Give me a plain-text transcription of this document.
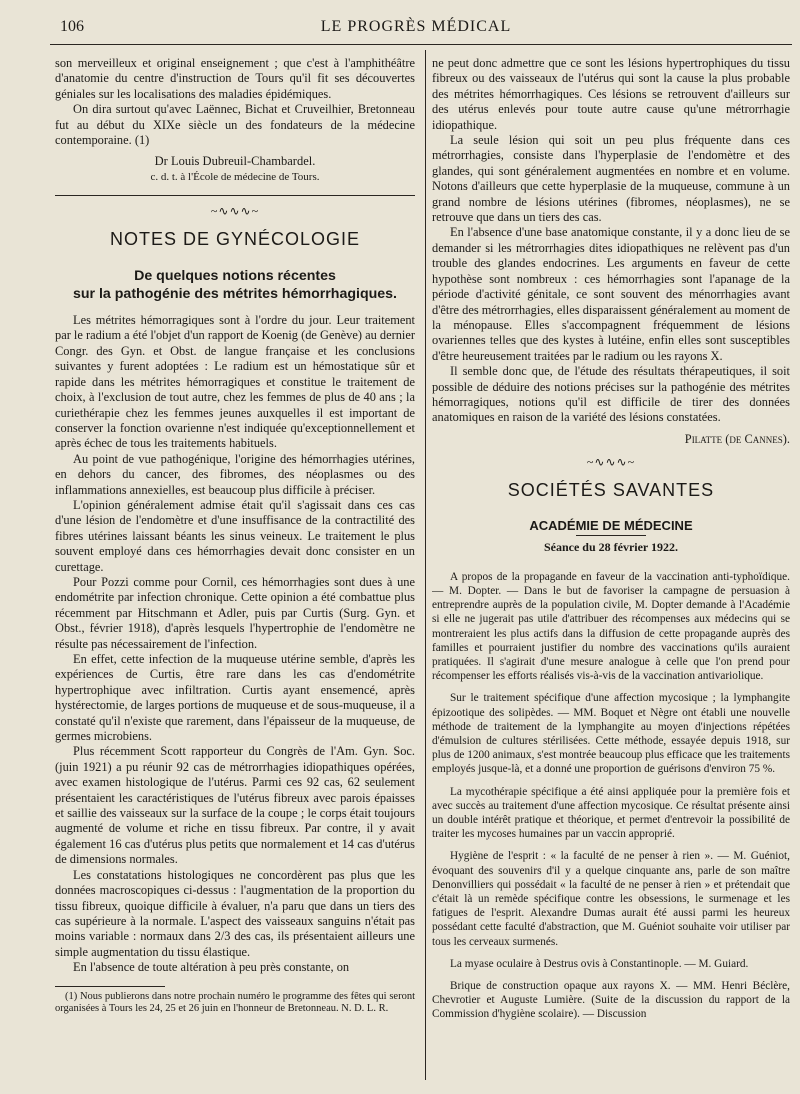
106	LE PROGRÈS MÉDICAL

son merveilleux et original enseignement ; que c'est à l'amphithéâtre d'anatomie du centre d'instruction de Tours qu'il fit ses découvertes géniales sur les localisations des maladies épidémiques.

On dira surtout qu'avec Laënnec, Bichat et Cruveilhier, Bretonneau fut au début du XIXe siècle un des fondateurs de la médecine contemporaine. (1)

Dr Louis Dubreuil-Chambardel.

c. d. t. à l'École de médecine de Tours.

~∿∿∿~

NOTES DE GYNÉCOLOGIE

De quelques notions récentes
sur la pathogénie des métrites hémorrhagiques.

Les métrites hémorragiques sont à l'ordre du jour. Leur traitement par le radium a été l'objet d'un rapport de Koenig (de Genève) au dernier Congr. des Gyn. et Obst. de langue française et les conclusions suivantes y furent adoptées : Le radium est un hémostatique sûr et rapide dans les métrites hémorragiques et constitue le traitement de choix, à l'exclusion de tout autre, chez les femmes de plus de 40 ans ; la curiethérapie chez les femmes jeunes auxquelles il est important de conserver la fonction ovarienne n'est indiquée qu'exceptionnellement et après échec de tous les traitements habituels.

Au point de vue pathogénique, l'origine des hémorrhagies utérines, en dehors du cancer, des fibromes, des néoplasmes ou des inflammations annexielles, est beaucoup plus difficile à préciser.

L'opinion généralement admise était qu'il s'agissait dans ces cas d'une lésion de l'endomètre et d'une insuffisance de la contractilité des fibres utérines laissant béants les sinus veineux. Le traitement le plus souvent employé dans ces hémorrhagies devait donc consister en un curettage.

Pour Pozzi comme pour Cornil, ces hémorrhagies sont dues à une endométrite par infection chronique. Cette opinion a été combattue plus récemment par Hitschmann et Adler, puis par Curtis (Surg. Gyn. et Obst., février 1918), d'après lesquels l'hypertrophie de l'endomètre ne résulte pas nécessairement de l'infection.

En effet, cette infection de la muqueuse utérine semble, d'après les expériences de Curtis, être rare dans les cas d'endométrite hypertrophique avec infiltration. Curtis ayant ensemencé, après hystérectomie, de larges portions de muqueuse et de sous-muqueuse, il a constaté qu'il n'existe que rarement, dans l'épaisseur de la muqueuse, de germes microbiens.

Plus récemment Scott rapporteur du Congrès de l'Am. Gyn. Soc. (juin 1921) a pu réunir 92 cas de métrorrhagies idiopathiques opérées, avec examen histologique de l'utérus. Parmi ces 92 cas, 62 seulement présentaient les caractéristiques de l'utérus fibreux avec parois épaisses et saillie des vaisseaux sur la surface de la coupe ; le corps était toujours augmenté de volume et riche en tissu fibreux. Par contre, il y avait également 16 cas d'utérus plus petits que normalement et 14 cas d'utérus de dimensions normales.

Les constatations histologiques ne concordèrent pas plus que les données macroscopiques ci-dessus : l'augmentation de la proportion du tissu fibreux, quoique difficile à évaluer, n'a paru que dans un tiers des cas supérieure à la normale. L'aspect des vaisseaux sanguins n'était pas moins variable : normaux dans 2/3 des cas, ils présentaient ailleurs une simple augmentation du tissu élastique.

En l'absence de toute altération à peu près constante, on

(1) Nous publierons dans notre prochain numéro le programme des fêtes qui seront organisées à Tours les 24, 25 et 26 juin en l'honneur de Bretonneau. N. D. L. R.

ne peut donc admettre que ce sont les lésions hypertrophiques du tissu fibreux ou des vaisseaux de l'utérus qui sont la cause la plus probable des métrites hémorrhagiques. Ces lésions se retrouvent d'ailleurs sur des utérus enlevés pour toute autre cause qu'une métrorrhagie idiopathique.

La seule lésion qui soit un peu plus fréquente dans ces métrorrhagies, consiste dans l'hyperplasie de l'endomètre et des glandes, qui sont généralement augmentées en nombre et en volume. Notons d'ailleurs que cette hyperplasie de la muqueuse, commune à un grand nombre de lésions utérines (fibromes, néoplasmes), ne se retrouve que dans un tiers des cas.

En l'absence d'une base anatomique constante, il y a donc lieu de se demander si les métrorrhagies dites idiopathiques ne relèvent pas d'un trouble des glandes endocrines. Les arguments en faveur de cette hypothèse sont nombreux : ces hémorrhagies sont l'apanage de la période d'activité génitale, ce sont souvent des ménorrhagies avant d'être des métrorrhagies, elles disparaissent généralement au moment de la ménopause. Elles s'accompagnent fréquemment de lésions ovariennes telles que des kystes à lutéine, enfin elles sont susceptibles d'être heureusement traitées par le radium ou les rayons X.

Il semble donc que, de l'étude des résultats thérapeutiques, il soit possible de déduire des notions précises sur la pathogénie des métrites hémorragiques, notions qu'il est difficile de tirer des données anatomiques en raison de la variété des lésions constatées.

Pilatte (de Cannes).

~∿∿∿~

SOCIÉTÉS SAVANTES

ACADÉMIE DE MÉDECINE

Séance du 28 février 1922.

A propos de la propagande en faveur de la vaccination anti-typhoïdique. — M. Dopter. — Dans le but de favoriser la campagne de persuasion à entreprendre auprès de la population civile, M. Dopter demande à l'Académie si elle ne jugerait pas utile d'attribuer des récompenses aux médecins qui se montreraient les plus actifs dans la diffusion de cette propagande auprès des familles et pourraient justifier du nombre des vaccinations qu'ils auraient pratiquées. Il s'agirait d'une mesure analogue à celle que l'on prend pour récompenser les efforts réalisés vis-à-vis de la vaccination antivariolique.

Sur le traitement spécifique d'une affection mycosique ; la lymphangite épizootique des solipèdes. — MM. Boquet et Nègre ont établi une nouvelle méthode de traitement de la lymphangite au moyen d'injections répétées d'émulsion de cultures stérilisées. Cette méthode, essayée depuis 1918, sur plus de 1200 animaux, s'est montrée beaucoup plus efficace que les traitements employés jusque-là, et a donné une proportion de guérisons d'environ 75 %.

La mycothérapie spécifique a été ainsi appliquée pour la première fois et avec succès au traitement d'une affection mycosique. Ce résultat présente ainsi un double intérêt pratique et théorique, et permet d'entrevoir la possibilité de traiter les mycoses humaines par un vaccin approprié.

Hygiène de l'esprit : « la faculté de ne penser à rien ». — M. Guéniot, évoquant des souvenirs d'il y a quelque cinquante ans, parle de son maître Denonvilliers qui possédait « la faculté de ne penser à rien » et prétendait que c'était là un remède spécifique contre les obsessions, le surmenage et les fatigues de l'esprit. Alexandre Dumas aurait été aussi parmi les heureux possédant cette faculté d'abstraction, que M. Guéniot souhaite voir utiliser par tous les cerveaux surmenés.

La myase oculaire à Destrus ovis à Constantinople. — M. Guiard.

Brique de construction opaque aux rayons X. — MM. Henri Béclère, Chevrotier et Auguste Lumière. (Suite de la discussion du rapport de la Commission d'hygiène scolaire). — Discussion
